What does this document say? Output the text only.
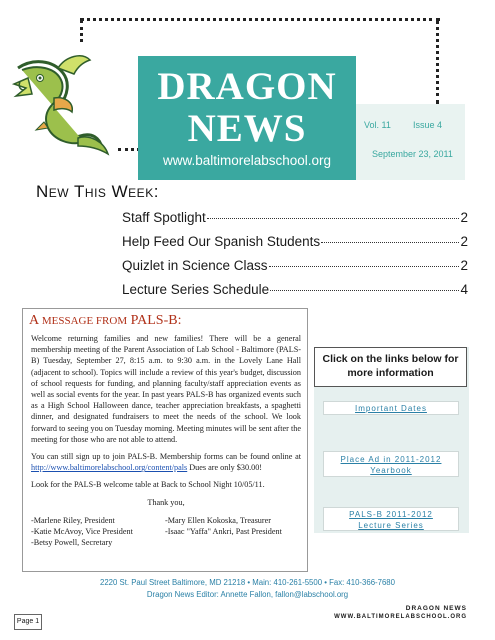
DRAGON
NEWS
www.baltimorelabschool.org
Vol. 11 Issue 4
September 23, 2011
New This Week:
Staff Spotlight	2
Help Feed Our Spanish Students	2
Quizlet in Science Class	2
Lecture Series Schedule	4
A MESSAGE FROM PALS-B:

Welcome returning families and new families! There will be a general membership meeting of the Parent Association of Lab School - Baltimore (PALS-B) Tuesday, September 27, 8:15 a.m. to 9:30 a.m. in the Lovely Lane Hall (adjacent to school). Topics will include a review of this year's budget, discussion of school requests for funding, and planning faculty/staff appreciation events as well as social events for the year. In past years PALS-B has organized events such as a High School Halloween dance, teacher appreciation breakfasts, a spaghetti dinner, and designated fundraisers to meet the needs of the school. We look forward to seeing you on Tuesday morning. Meeting minutes will be sent after the meeting for those who are not able to attend.

You can still sign up to join PALS-B. Membership forms can be found online at http://www.baltimorelabschool.org/content/pals Dues are only $30.00!

Look for the PALS-B welcome table at Back to School Night 10/05/11.

Thank you,
-Marlene Riley, President	-Mary Ellen Kokoska, Treasurer
-Katie McAvoy, Vice President	-Isaac "Yaffa" Ankri, Past President
-Betsy Powell, Secretary
Click on the links below for more information
Important Dates
Place Ad in 2011-2012
Yearbook
PALS-B 2011-2012
Lecture Series
2220 St. Paul Street Baltimore, MD 21218 • Main: 410-261-5500 • Fax: 410-366-7680
Dragon News Editor: Annette Fallon, fallon@labschool.org
Page 1
DRAGON NEWS
WWW.BALTIMORELABSCHOOL.ORG
